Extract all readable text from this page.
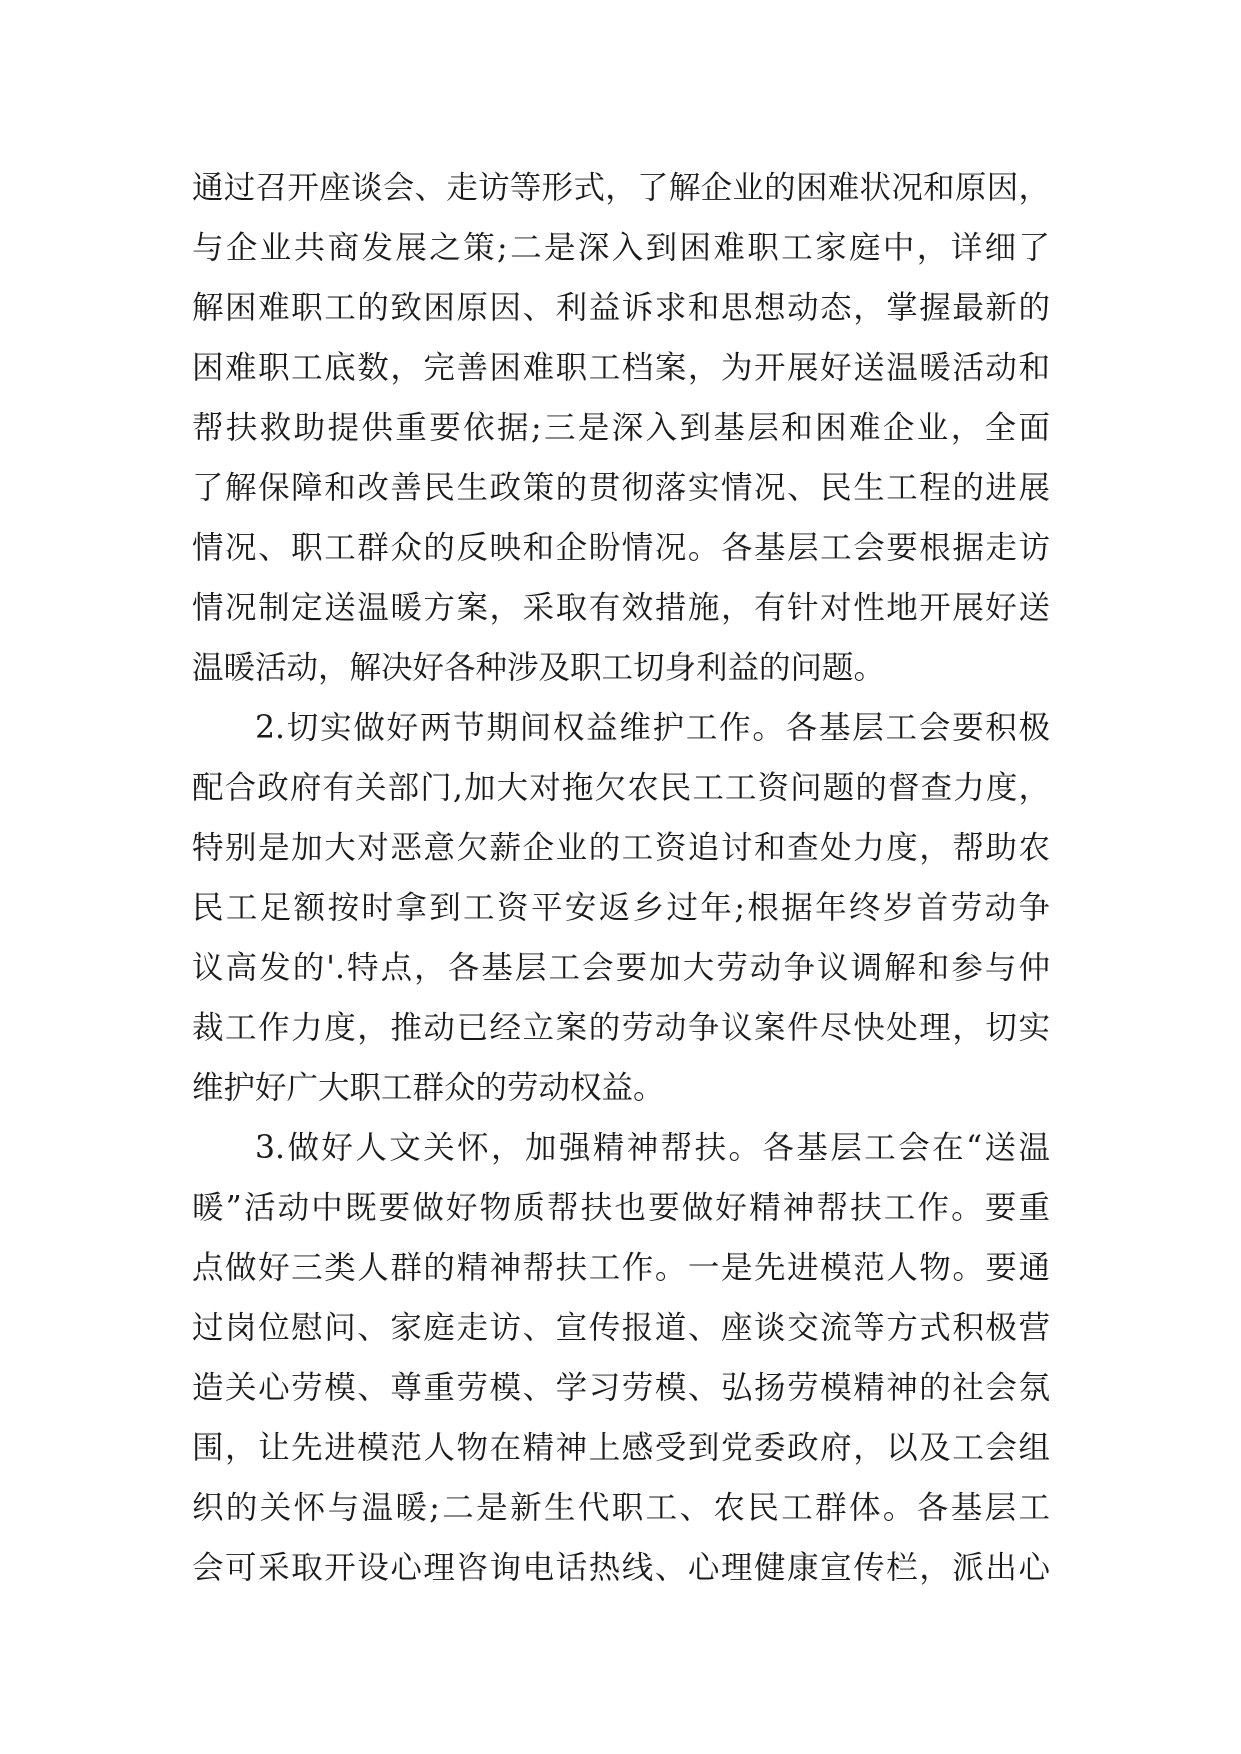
通过召开座谈会、走访等形式，了解企业的困难状况和原因，
与企业共商发展之策;二是深入到困难职工家庭中，详细了
解困难职工的致困原因、利益诉求和思想动态，掌握最新的
困难职工底数，完善困难职工档案，为开展好送温暖活动和
帮扶救助提供重要依据;三是深入到基层和困难企业，全面
了解保障和改善民生政策的贯彻落实情况、民生工程的进展
情况、职工群众的反映和企盼情况。各基层工会要根据走访
情况制定送温暖方案，采取有效措施，有针对性地开展好送
温暖活动，解决好各种涉及职工切身利益的问题。
2.切实做好两节期间权益维护工作。各基层工会要积极
配合政府有关部门,加大对拖欠农民工工资问题的督查力度，
特别是加大对恶意欠薪企业的工资追讨和查处力度，帮助农
民工足额按时拿到工资平安返乡过年;根据年终岁首劳动争
议高发的'.特点，各基层工会要加大劳动争议调解和参与仲
裁工作力度，推动已经立案的劳动争议案件尽快处理，切实
维护好广大职工群众的劳动权益。
3.做好人文关怀，加强精神帮扶。各基层工会在“送温
暖”活动中既要做好物质帮扶也要做好精神帮扶工作。要重
点做好三类人群的精神帮扶工作。一是先进模范人物。要通
过岗位慰问、家庭走访、宣传报道、座谈交流等方式积极营
造关心劳模、尊重劳模、学习劳模、弘扬劳模精神的社会氛
围，让先进模范人物在精神上感受到党委政府，以及工会组
织的关怀与温暖;二是新生代职工、农民工群体。各基层工
会可采取开设心理咨询电话热线、心理健康宣传栏，派出心
